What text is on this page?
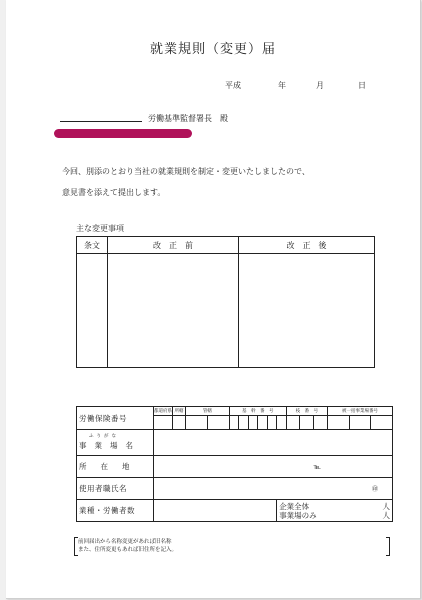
就業規則（変更）届
平成	年	月	日
労働基準監督署長　殿
今回、別添のとおり当社の就業規則を制定・変更いたしましたので、
意見書を添えて提出します。
主な変更事項
条文	改　正　前	改　正　後

労働保険番号	都道府県	所轄	管轄		基　幹　番　号						枝　番　号			被一括事業場番号		

ふりがな
事業場名																
所在地	℡															

使用者職氏名	㊞															

業種・労働者数										企業全体 人
事業場のみ 人						
前回届出から名称変更があれば旧名称
また、住所変更もあれば旧住所を記入。
